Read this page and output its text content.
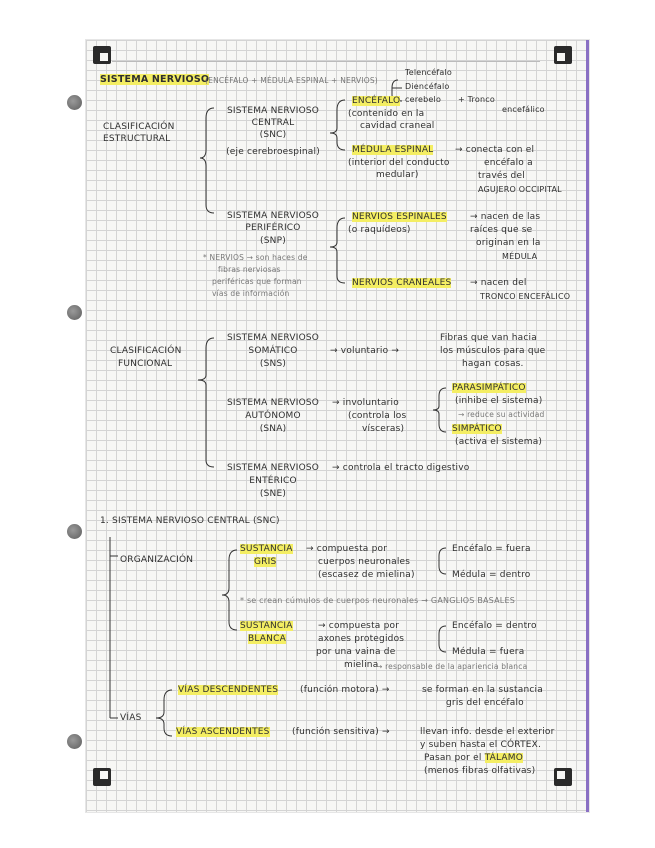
SISTEMA NERVIOSO
(ENCÉFALO + MÉDULA ESPINAL + NERVIOS)
Telencéfalo
Diencéfalo
cerebelo + Tronco
encefálico
CLASIFICACIÓN
ESTRUCTURAL
SISTEMA NERVIOSO
CENTRAL
(SNC)
(eje cerebroespinal)
ENCÉFALO
(contenido en la
cavidad craneal
MÉDULA ESPINAL
(interior del conducto
medular)
→ conecta con el
encéfalo a
través del
AGUJERO OCCIPITAL
SISTEMA NERVIOSO
PERIFÉRICO
(SNP)
* NERVIOS → son haces de
fibras nerviosas
periféricas que forman
vías de información
NERVIOS ESPINALES
(o raquídeos)
→ nacen de las
raíces que se
originan en la
MÉDULA
NERVIOS CRANEALES → nacen del
TRONCO ENCEFÁLICO
CLASIFICACIÓN
FUNCIONAL
SISTEMA NERVIOSO
SOMÁTICO
(SNS)
→ voluntario →
Fibras que van hacia
los músculos para que
hagan cosas.
SISTEMA NERVIOSO
AUTÓNOMO
(SNA)
→ involuntario
(controla los
vísceras)
PARASIMPÁTICO
(inhibe el sistema)
→ reduce su actividad
SIMPÁTICO
(activa el sistema)
SISTEMA NERVIOSO
ENTÉRICO
(SNE)
→ controla el tracto digestivo
1. SISTEMA NERVIOSO CENTRAL (SNC)
ORGANIZACIÓN
SUSTANCIA
GRIS
→ compuesta por
cuerpos neuronales
(escasez de mielina)
Encéfalo = fuera
Médula = dentro
* se crean cúmulos de cuerpos neuronales → GANGLIOS BASALES
SUSTANCIA
BLANCA
→ compuesta por
axones protegidos
por una vaina de
mielina
→ responsable de la apariencia blanca
Encéfalo = dentro
Médula = fuera
VÍAS
VÍAS DESCENDENTES (función motora) →	se forman en la sustancia
gris del encéfalo
VÍAS ASCENDENTES (función sensitiva) →	llevan info. desde el exterior
y suben hasta el CÓRTEX.
Pasan por el TÁLAMO
(menos fibras olfativas)
